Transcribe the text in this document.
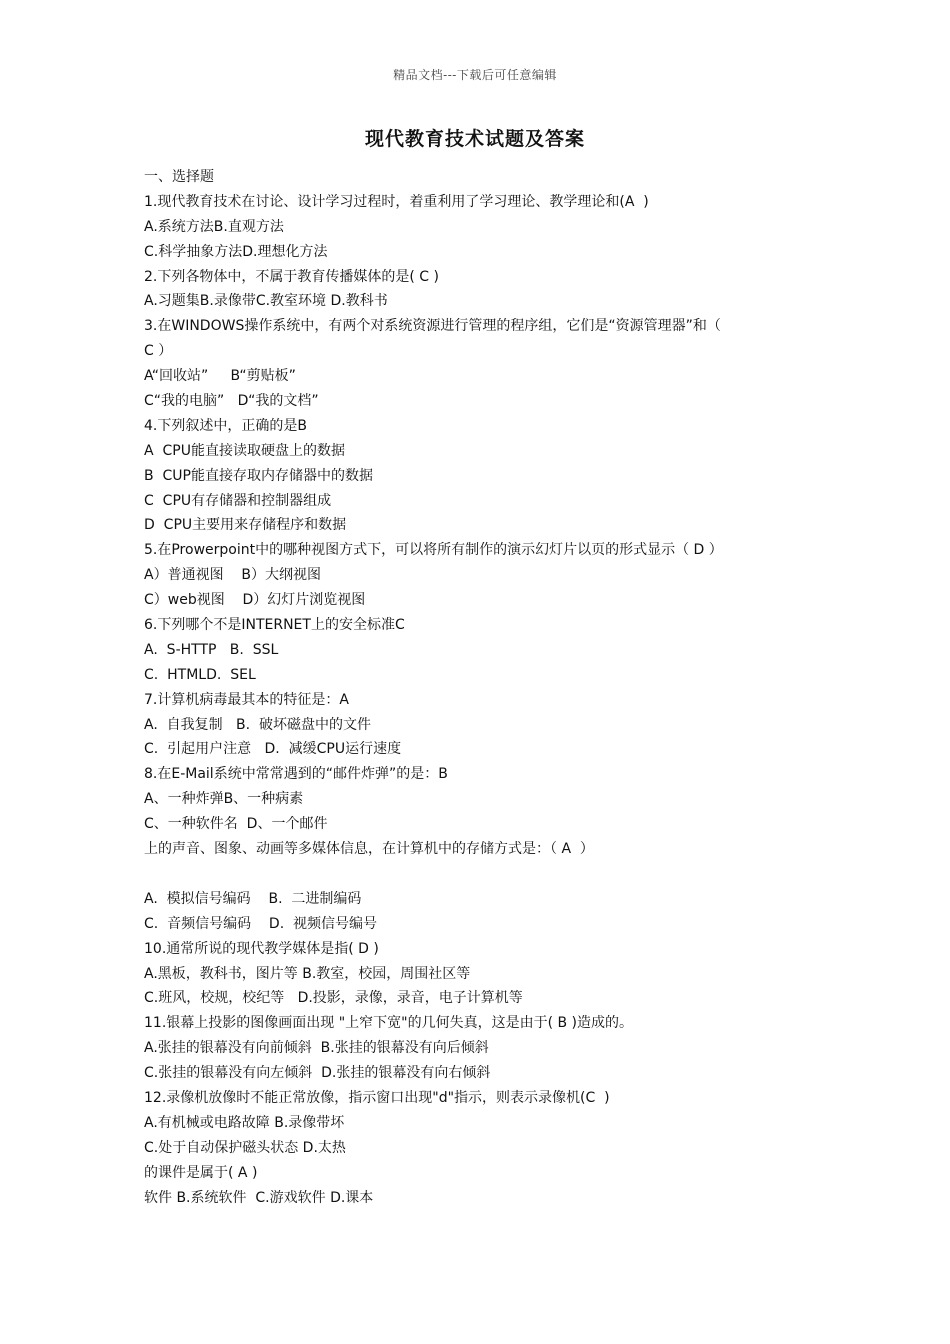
精品文档---下载后可任意编辑
现代教育技术试题及答案
一、选择题
1.现代教育技术在讨论、设计学习过程时，着重利用了学习理论、教学理论和(A  )
A.系统方法B.直观方法
C.科学抽象方法D.理想化方法
2.下列各物体中，不属于教育传播媒体的是( C )
A.习题集B.录像带C.教室环境 D.教科书
3.在WINDOWS操作系统中，有两个对系统资源进行管理的程序组，它们是“资源管理器”和（
C ）
A“回收站”     B“剪贴板”
C“我的电脑”   D“我的文档”
4.下列叙述中，正确的是B
A  CPU能直接读取硬盘上的数据
B  CUP能直接存取内存储器中的数据
C  CPU有存储器和控制器组成
D  CPU主要用来存储程序和数据
5.在Prowerpoint中的哪种视图方式下，可以将所有制作的演示幻灯片以页的形式显示（ D ）
A）普通视图    B）大纲视图
C）web视图    D）幻灯片浏览视图
6.下列哪个不是INTERNET上的安全标准C
A.  S-HTTP   B.  SSL
C.  HTMLD.  SEL
7.计算机病毒最其本的特征是：A
A.  自我复制   B.  破坏磁盘中的文件
C.  引起用户注意   D.  减缓CPU运行速度
8.在E-Mail系统中常常遇到的“邮件炸弹”的是：B
A、一种炸弹B、一种病素
C、一种软件名  D、一个邮件
上的声音、图象、动画等多媒体信息，在计算机中的存储方式是：（ A  ）
A.  模拟信号编码    B.  二进制编码
C.  音频信号编码    D.  视频信号编号
10.通常所说的现代教学媒体是指( D )
A.黑板，教科书，图片等 B.教室，校园，周围社区等
C.班风，校规，校纪等   D.投影，录像，录音，电子计算机等
11.银幕上投影的图像画面出现 "上窄下宽"的几何失真，这是由于( B )造成的。
A.张挂的银幕没有向前倾斜  B.张挂的银幕没有向后倾斜
C.张挂的银幕没有向左倾斜  D.张挂的银幕没有向右倾斜
12.录像机放像时不能正常放像，指示窗口出现"d"指示，则表示录像机(C  )
A.有机械或电路故障 B.录像带坏
C.处于自动保护磁头状态 D.太热
的课件是属于( A )
软件 B.系统软件  C.游戏软件 D.课本
